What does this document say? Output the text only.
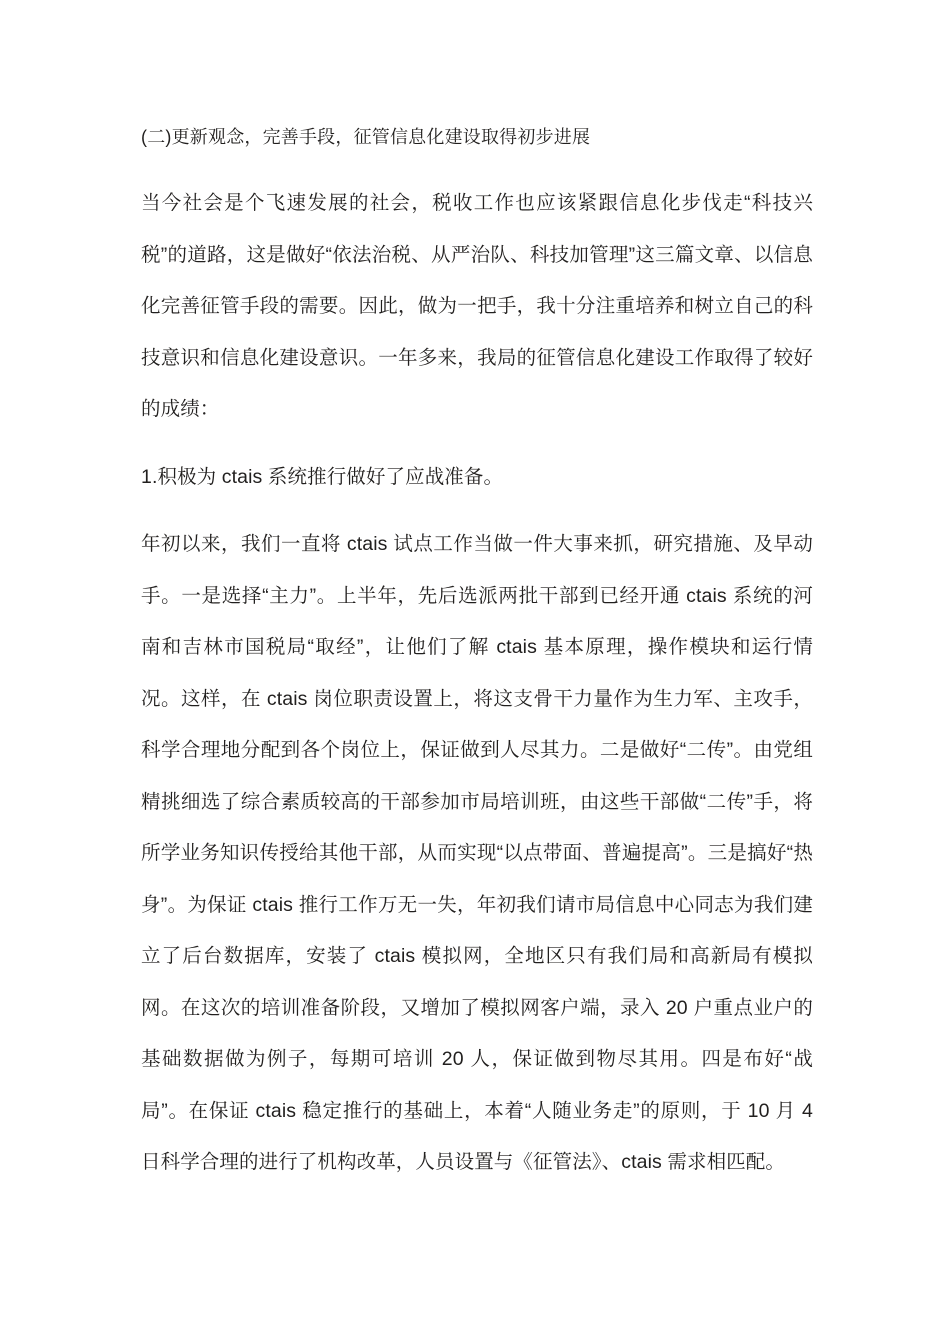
(二)更新观念，完善手段，征管信息化建设取得初步进展

当今社会是个飞速发展的社会，税收工作也应该紧跟信息化步伐走“科技兴税”的道路，这是做好“依法治税、从严治队、科技加管理”这三篇文章、以信息化完善征管手段的需要。因此，做为一把手，我十分注重培养和树立自己的科技意识和信息化建设意识。一年多来，我局的征管信息化建设工作取得了较好的成绩：

1.积极为 ctais 系统推行做好了应战准备。

年初以来，我们一直将 ctais 试点工作当做一件大事来抓，研究措施、及早动手。一是选择“主力”。上半年，先后选派两批干部到已经开通 ctais 系统的河南和吉林市国税局“取经”，让他们了解 ctais 基本原理，操作模块和运行情况。这样，在 ctais 岗位职责设置上，将这支骨干力量作为生力军、主攻手，科学合理地分配到各个岗位上，保证做到人尽其力。二是做好“二传”。由党组精挑细选了综合素质较高的干部参加市局培训班，由这些干部做“二传”手，将所学业务知识传授给其他干部，从而实现“以点带面、普遍提高”。三是搞好“热身”。为保证 ctais 推行工作万无一失，年初我们请市局信息中心同志为我们建立了后台数据库，安装了 ctais 模拟网，全地区只有我们局和高新局有模拟网。在这次的培训准备阶段，又增加了模拟网客户端，录入 20 户重点业户的基础数据做为例子，每期可培训 20 人，保证做到物尽其用。四是布好“战局”。在保证 ctais 稳定推行的基础上，本着“人随业务走”的原则，于 10 月 4 日科学合理的进行了机构改革，人员设置与《征管法》、ctais 需求相匹配。
